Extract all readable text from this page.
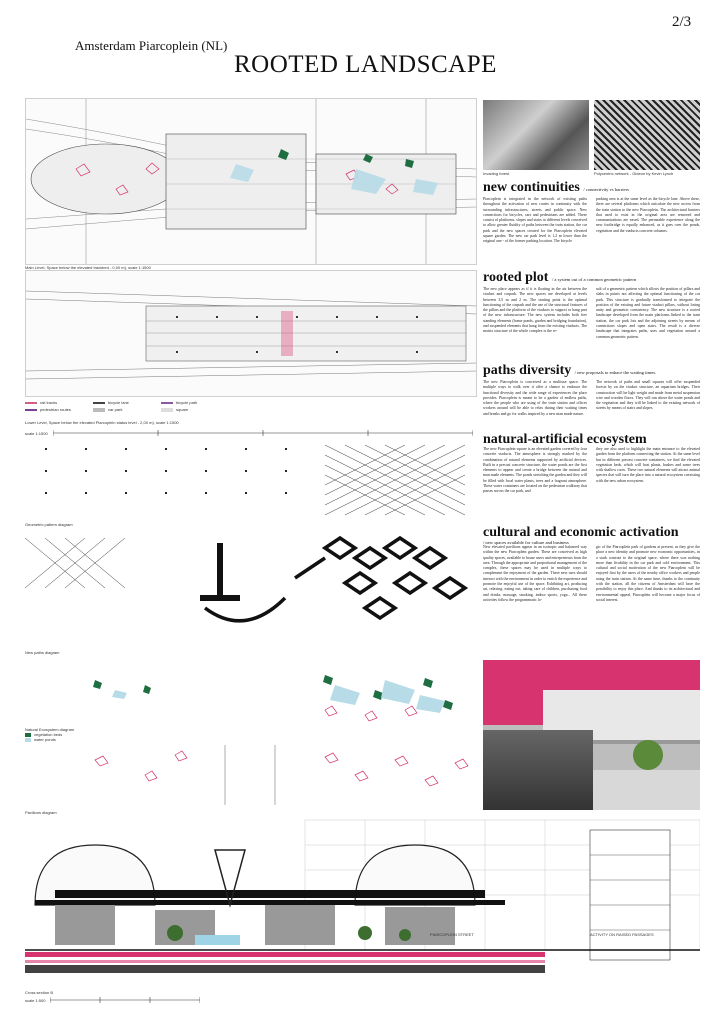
2/3
Amsterdam Piarcoplein (NL)
ROOTED LANDSCAPE
Main Level, Space below the elevated trackbed - 0,00 m), scale 1:1500
rail tracks	bicycle lane	bicycle path
pedestrian routes	car park	square
Lower Level, Space below the elevated Piarcoplein status level - 2,00 m), scale 1:1500
scale 1:1500
Geometric pattern diagram
New paths diagram
Natural Ecosystem diagram
vegetation beds
water ponds
Pavilions diagram
Invading forest	Polycentric network - Gideon by Kevin Lynch
new continuities / connectivity vs barriers
Piarcoplein is integrated in the network of existing paths throughout the activation of new routes in continuity with the surrounding infrastructures, streets and public space. New connections for bicycles, cars and pedestrians are added. These consist of platforms, slopes and stairs at different levels conceived to allow greater fluidity of paths between the train station, the car park and the new spaces created for the Piarcoplein elevated square garden. The new car park level is 1,2 m lower than the original one - of the former parking location. The bicycle
parking area is at the same level as the bicycle lane. Above these, there are several platforms which articulate the new access from the train station to the new Piarcoplein. The architectural barriers that used to exist in the original area are removed and communications are eased. The permeable experience along the new footbridge is equally enhanced, as it goes over the ponds, vegetation and the viaducts concrete columns.
rooted plot / a system out of a common geometric pattern
The new place appears as if it is floating in the air between the viaduct and carpark. The new spaces are developed at levels between 3,5 m and 2 m. The starting point is the optimal functioning of the carpark and the use of the structural features of the pillars and the platform of the viaducts to support or hang part of the new infrastructure. The new system includes both free standing elements (home ponds, garden and bridging foundation), and suspended elements that hang from the existing viaducts. The matrix structure of the whole complex is the re-
sult of a geometric pattern which allows the position of pillars and slabs in points not affecting the optimal functioning of the car park. This structure is gradually transformed to integrate the position of the existing and future viaduct pillars, without losing unity and geometric consistency. The new structure is a rooted landscape developed from the main platforms linked to the train station, the car park lots and the adjoining streets by means of connections slopes and open stairs. The result is a diverse landscape that integrates paths, uses and vegetation around a common geometric pattern.
paths diversity / new proposals to enhace the waiting times.
The new Piarcoplein is conceived as a multiuse space. The multiple ways to walk over it offer a chance to embrace the functional diversity and the wide range of experiences the place provides. Piarcoplein is meant to be a garden of endless paths, where the people who are using of the train station and offices workers around will be able to relax during their waiting times and breaks and go for walks inspired by a new man made nature.
The network of paths and small squares will offer suspended forests by on the viaduct structure, an aquarium bridges. Their construction will be light weight and made from metal suspension wire and wooden floors. They will run above the water ponds and the vegetation and they will be linked to the existing network of streets by means of stairs and slopes.
natural-artificial ecosystem
The new Piarcoplein square is an elevated garden covered by four concrete viaducts. The atmosphere is strongly marked by the combination of natural elements supported by artificial devices. Built in a precast concrete structure, the water ponds are the first elements to appear and create a bridge between the natural and man made elements. The ponds stretching the garden and they will be filled with local water plants, trees and a fragrant atmosphere. These water containers are located on the pedestrian walkway that passes across the car park, and
they are also used to highlight the main entrance to the elevated garden from the platform connecting the station. At the same level but in different precast concrete containers, we find the elevated vegetation beds, which will host plants, bushes and some trees with shallow roots. These two natural elements will attract animal species that will turn the place into a natural ecosystem coexisting with the new urban ecosystem.
cultural and economic activation
/ new spaces available for culture and business
New elevated pavilions appear in an isotropic and balanced way within the new Piarcoplein garden. These are conceived as high quality spaces, available to house users and entrepreneurs from the area. Through the appropriate and proportional management of the complex, these spaces may be used in multiple ways to complement the enjoyment of the garden. These new uses should interact with the environment in order to enrich the experience and promote the enjoyful use of the space. Exhibiting art, producing art, relaxing, eating out, taking care of children, purchasing food and drinks, massage, smoking, indoor sports, yoga... All these activities follow the programmatic lo-
gic of the Piarcoplein park of gardens at present, as they give the place a new identity and promote new economic opportunities, in a stark contrast to the original space, where there was nothing more than livability in the car park and cold environment. This cultural and social motivation of the new Piarcoplein will be enjoyed first by the users of the nearby office workers and people using the train station. At the same time, thanks to the continuity with the station, all the citizens of Amsterdam will have the possibility to enjoy this place. And thanks to its architectural and environmental appeal, Piarcoplein will become a major focus of social interest.
PIARCOPLEIN STREET	ACTIVITY ON RAISED PASSAGES
Cross section B
scale 1:500
